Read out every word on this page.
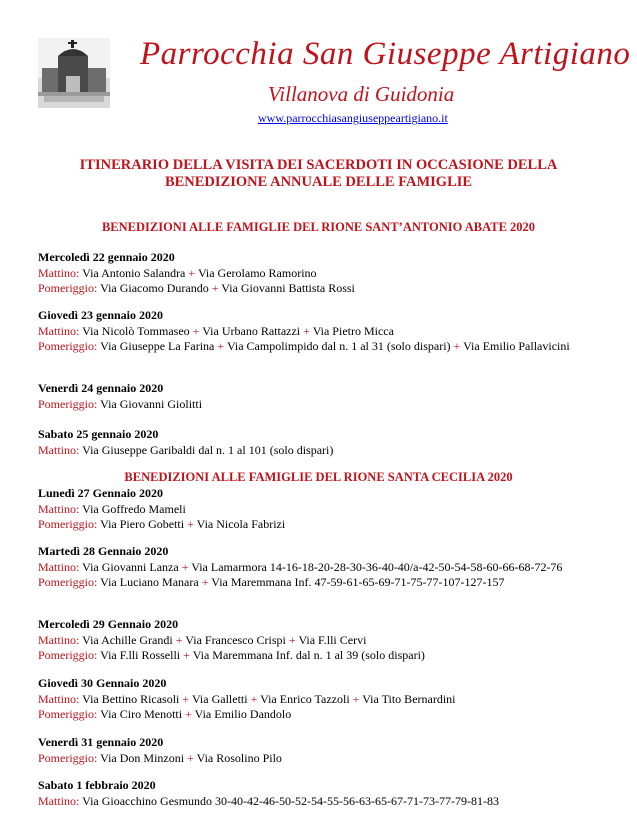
Parrocchia San Giuseppe Artigiano
Villanova di Guidonia
www.parrocchiasangiuseppeartigiano.it
ITINERARIO DELLA VISITA DEI SACERDOTI IN OCCASIONE DELLA
BENEDIZIONE ANNUALE DELLE FAMIGLIE
BENEDIZIONI ALLE FAMIGLIE DEL RIONE SANT’ANTONIO ABATE 2020
Mercoledì 22 gennaio 2020
Mattino: Via Antonio Salandra + Via Gerolamo Ramorino
Pomeriggio: Via Giacomo Durando + Via Giovanni Battista Rossi
Giovedì 23 gennaio 2020
Mattino: Via Nicolò Tommaseo + Via Urbano Rattazzi + Via Pietro Micca
Pomeriggio: Via Giuseppe La Farina + Via Campolimpido dal n. 1 al 31 (solo dispari) + Via Emilio Pallavicini
Venerdì 24 gennaio 2020
Pomeriggio: Via Giovanni Giolitti
Sabato 25 gennaio 2020
Mattino: Via Giuseppe Garibaldi dal n. 1 al 101 (solo dispari)
BENEDIZIONI ALLE FAMIGLIE DEL RIONE SANTA CECILIA 2020
Lunedì 27 Gennaio 2020
Mattino: Via Goffredo Mameli
Pomeriggio: Via Piero Gobetti + Via Nicola Fabrizi
Martedì 28 Gennaio 2020
Mattino: Via Giovanni Lanza + Via Lamarmora 14-16-18-20-28-30-36-40-40/a-42-50-54-58-60-66-68-72-76
Pomeriggio: Via Luciano Manara + Via Maremmana Inf. 47-59-61-65-69-71-75-77-107-127-157
Mercoledì 29 Gennaio 2020
Mattino: Via Achille Grandi + Via Francesco Crispi + Via F.lli Cervi
Pomeriggio: Via F.lli Rosselli + Via Maremmana Inf. dal n. 1 al 39 (solo dispari)
Giovedì 30 Gennaio 2020
Mattino: Via Bettino Ricasoli + Via Galletti + Via Enrico Tazzoli + Via Tito Bernardini
Pomeriggio: Via Ciro Menotti + Via Emilio Dandolo
Venerdì 31 gennaio 2020
Pomeriggio: Via Don Minzoni + Via Rosolino Pilo
Sabato 1 febbraio 2020
Mattino: Via Gioacchino Gesmundo 30-40-42-46-50-52-54-55-56-63-65-67-71-73-77-79-81-83
